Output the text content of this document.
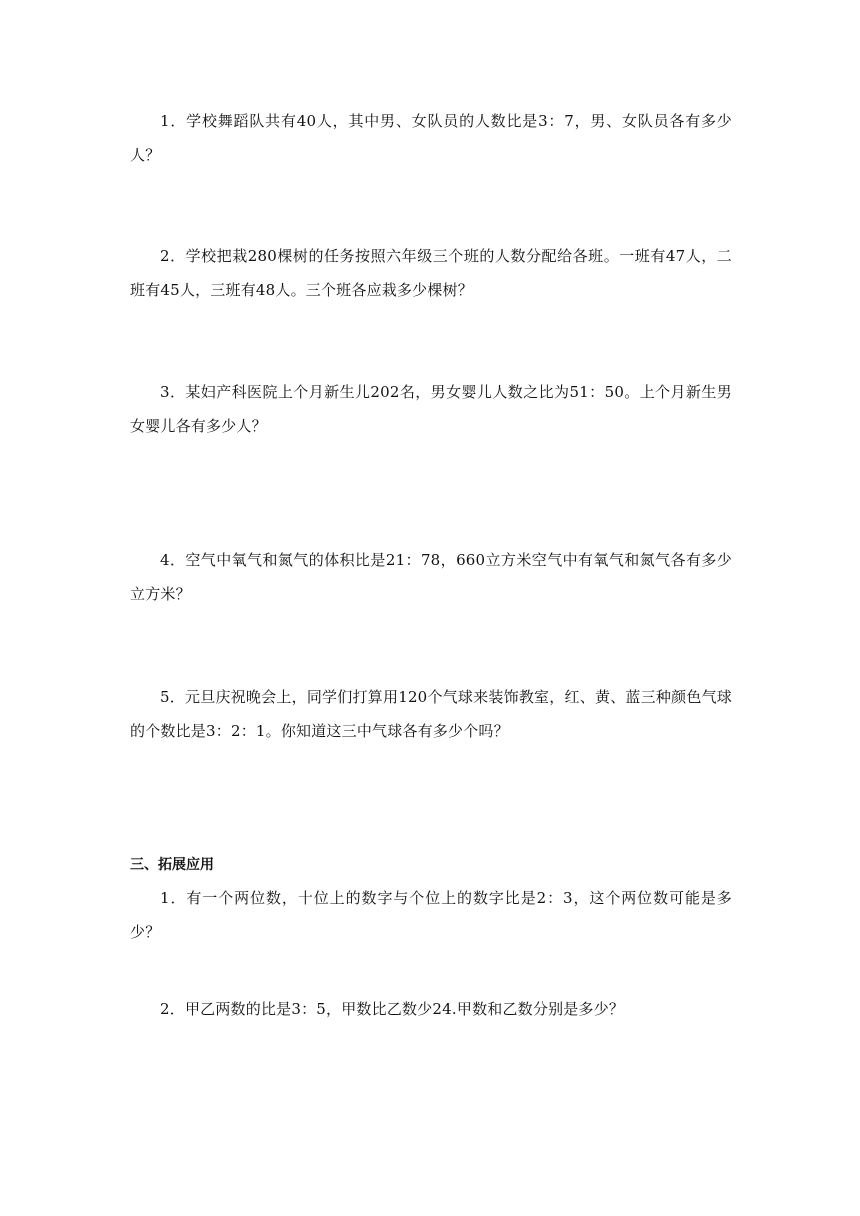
1．学校舞蹈队共有40人，其中男、女队员的人数比是3：7，男、女队员各有多少人？

2．学校把栽280棵树的任务按照六年级三个班的人数分配给各班。一班有47人，二班有45人，三班有48人。三个班各应栽多少棵树？

3．某妇产科医院上个月新生儿202名，男女婴儿人数之比为51：50。上个月新生男女婴儿各有多少人？

4．空气中氧气和氮气的体积比是21：78，660立方米空气中有氧气和氮气各有多少立方米？

5．元旦庆祝晚会上，同学们打算用120个气球来装饰教室，红、黄、蓝三种颜色气球的个数比是3：2：1。你知道这三中气球各有多少个吗？

三、拓展应用

1．有一个两位数，十位上的数字与个位上的数字比是2：3，这个两位数可能是多少？

2．甲乙两数的比是3：5，甲数比乙数少24.甲数和乙数分别是多少？
